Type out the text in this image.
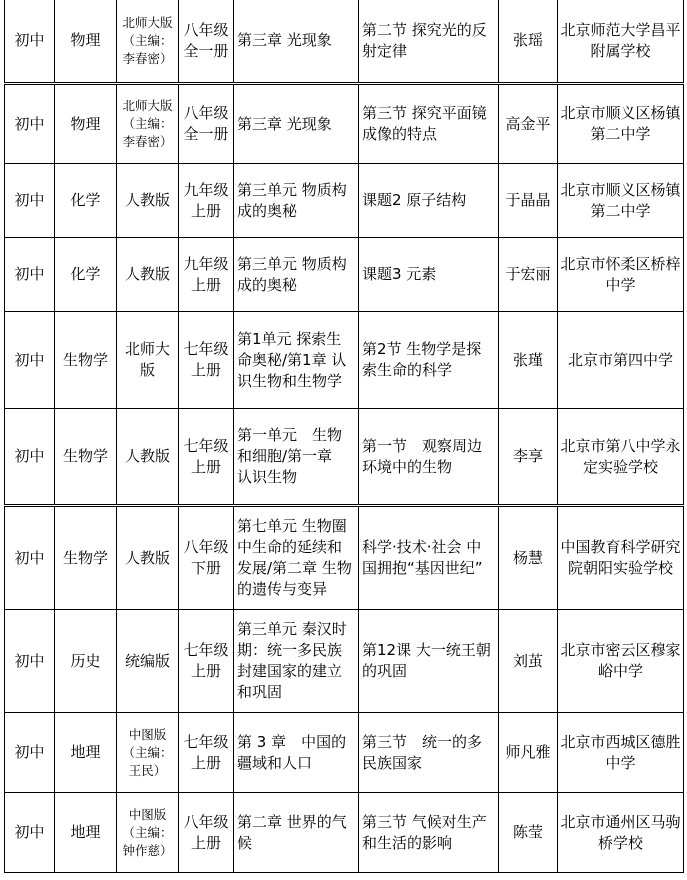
初中	物理	北师大版（主编：李春密）	八年级全一册	第三章 光现象	第二节 探究光的反射定律	张瑶	北京师范大学昌平附属学校
初中	物理	北师大版（主编：李春密）	八年级全一册	第三章 光现象	第三节 探究平面镜成像的特点	高金平	北京市顺义区杨镇第二中学
初中	化学	人教版	九年级上册	第三单元 物质构成的奥秘	课题2 原子结构	于晶晶	北京市顺义区杨镇第二中学
初中	化学	人教版	九年级上册	第三单元 物质构成的奥秘	课题3 元素	于宏丽	北京市怀柔区桥梓中学
初中	生物学	北师大版	七年级上册	第1单元 探索生命奥秘/第1章 认识生物和生物学	第2节 生物学是探索生命的科学	张瑾	北京市第四中学
初中	生物学	人教版	七年级上册	第一单元　生物和细胞/第一章　认识生物	第一节　观察周边环境中的生物	李享	北京市第八中学永定实验学校
初中	生物学	人教版	八年级下册	第七单元 生物圈中生命的延续和发展/第二章 生物的遗传与变异	科学·技术·社会 中国拥抱“基因世纪”	杨慧	中国教育科学研究院朝阳实验学校
初中	历史	统编版	七年级上册	第三单元 秦汉时期：统一多民族封建国家的建立和巩固	第12课 大一统王朝的巩固	刘茧	北京市密云区穆家峪中学
初中	地理	中图版（主编：王民）	七年级上册	第 3 章　中国的疆域和人口	第三节　统一的多民族国家	师凡雅	北京市西城区德胜中学
初中	地理	中图版（主编：钟作慈）	八年级上册	第二章 世界的气候	第三节 气候对生产和生活的影响	陈莹	北京市通州区马驹桥学校
